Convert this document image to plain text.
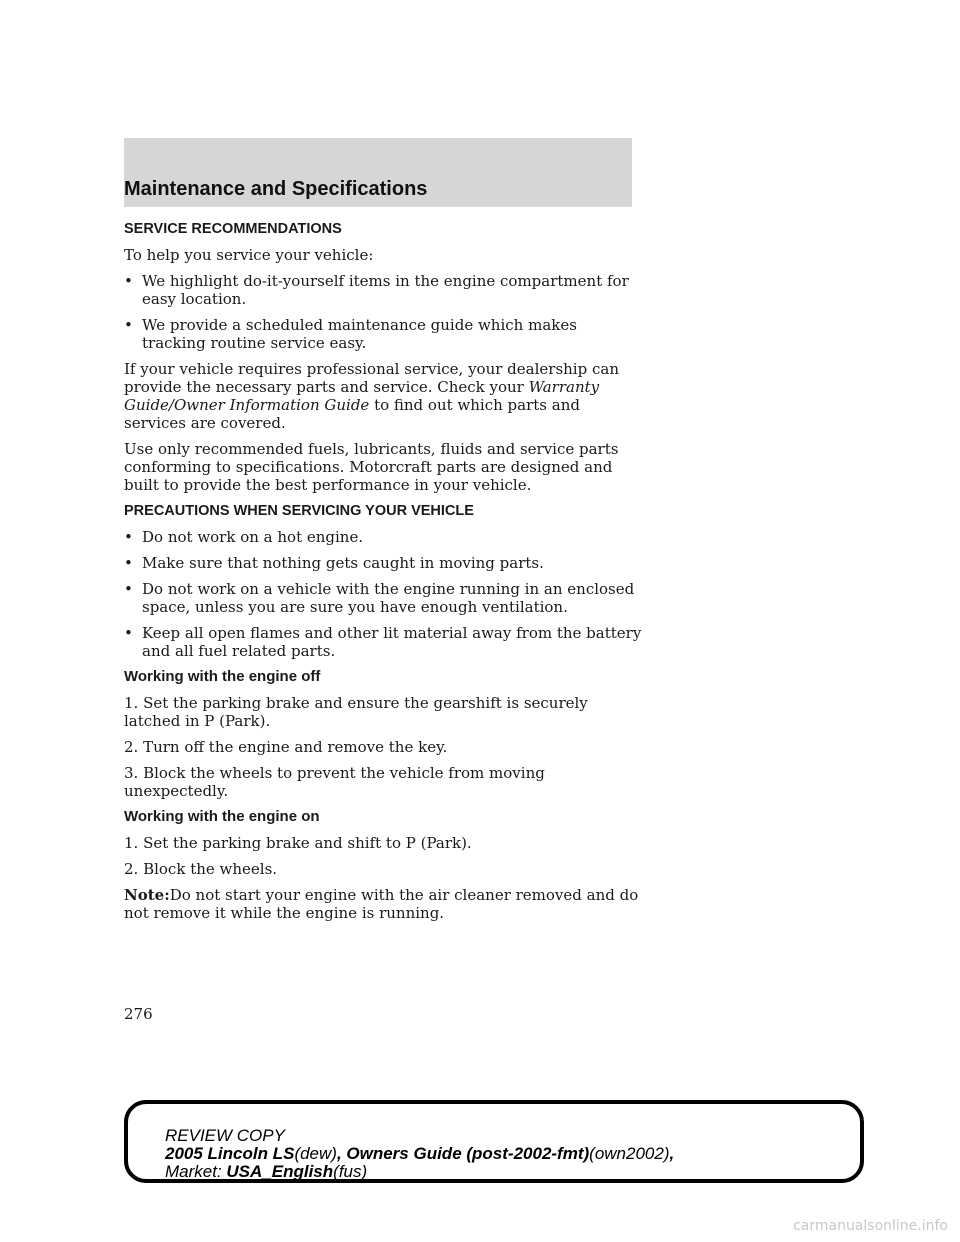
Maintenance and Specifications
SERVICE RECOMMENDATIONS

To help you service your vehicle:

• We highlight do-it-yourself items in the engine compartment for easy location.
• We provide a scheduled maintenance guide which makes tracking routine service easy.

If your vehicle requires professional service, your dealership can provide the necessary parts and service. Check your Warranty Guide/Owner Information Guide to find out which parts and services are covered.

Use only recommended fuels, lubricants, fluids and service parts conforming to specifications. Motorcraft parts are designed and built to provide the best performance in your vehicle.

PRECAUTIONS WHEN SERVICING YOUR VEHICLE
• Do not work on a hot engine.
• Make sure that nothing gets caught in moving parts.
• Do not work on a vehicle with the engine running in an enclosed space, unless you are sure you have enough ventilation.
• Keep all open flames and other lit material away from the battery and all fuel related parts.
Working with the engine off

1. Set the parking brake and ensure the gearshift is securely latched in P (Park).

2. Turn off the engine and remove the key.

3. Block the wheels to prevent the vehicle from moving unexpectedly.

Working with the engine on

1. Set the parking brake and shift to P (Park).

2. Block the wheels.

Note:Do not start your engine with the air cleaner removed and do not remove it while the engine is running.

276
REVIEW COPY
2005 Lincoln LS(dew), Owners Guide (post-2002-fmt)(own2002),
Market: USA_English(fus)
carmanualsonline.info
